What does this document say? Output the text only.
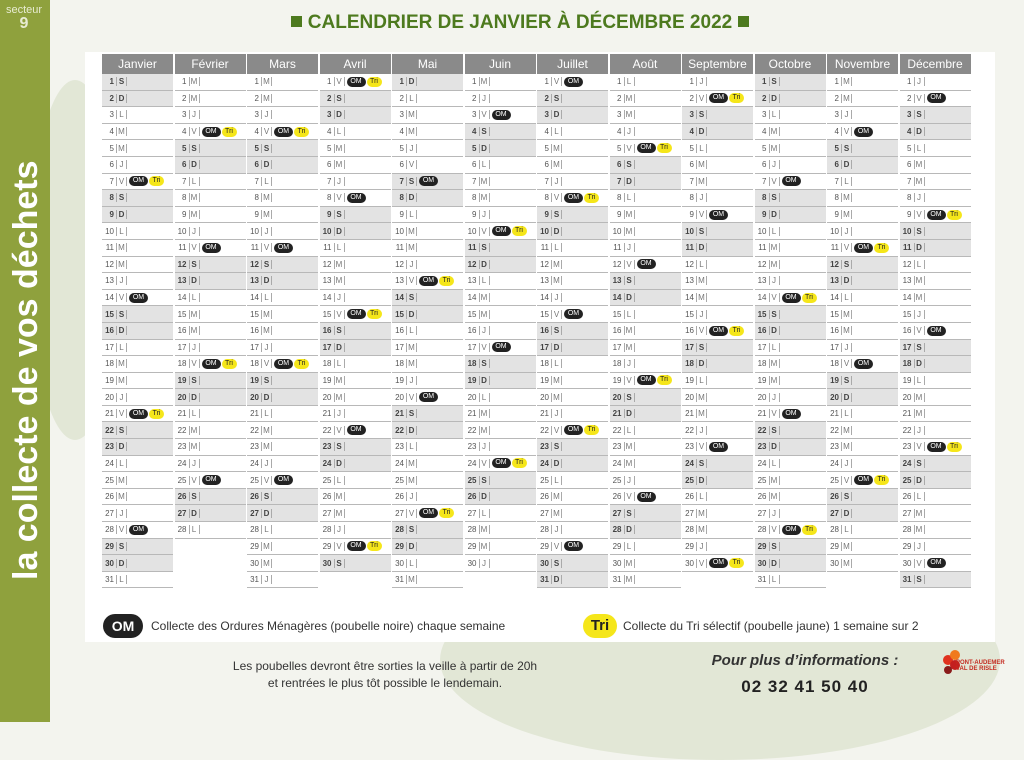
secteur
9
la collecte de vos déchets
CALENDRIER DE JANVIER À DÉCEMBRE 2022
Janvier
1 S
2 D
3 L
4 M
5 M
6 J
7 V	OM	Tri
8 S
9 D
10 L
11 M
12 M
13 J
14 V	OM
15 S
16 D
17 L
18 M
19 M
20 J
21 V	OM	Tri
22 S
23 D
24 L
25 M
26 M
27 J
28 V	OM
29 S
30 D
31 L
Février
1 M
2 M
3 J
4 V	OM	Tri
5 S
6 D
7 L
8 M
9 M
10 J
11 V	OM
12 S
13 D
14 L
15 M
16 M
17 J
18 V	OM	Tri
19 S
20 D
21 L
22 M
23 M
24 J
25 V	OM
26 S
27 D
28 L
Mars
1 M
2 M
3 J
4 V	OM	Tri
5 S
6 D
7 L
8 M
9 M
10 J
11 V	OM
12 S
13 D
14 L
15 M
16 M
17 J
18 V	OM	Tri
19 S
20 D
21 L
22 M
23 M
24 J
25 V	OM
26 S
27 D
28 L
29 M
30 M
31 J
Avril
1 V	OM	Tri
2 S
3 D
4 L
5 M
6 M
7 J
8 V	OM
9 S
10 D
11 L
12 M
13 M
14 J
15 V	OM	Tri
16 S
17 D
18 L
19 M
20 M
21 J
22 V	OM
23 S
24 D
25 L
26 M
27 M
28 J
29 V	OM	Tri
30 S
Mai
1 D
2 L
3 M
4 M
5 J
6 V
7 S	OM
8 D
9 L
10 M
11 M
12 J
13 V	OM	Tri
14 S
15 D
16 L
17 M
18 M
19 J
20 V	OM
21 S
22 D
23 L
24 M
25 M
26 J
27 V	OM	Tri
28 S
29 D
30 L
31 M
Juin
1 M
2 J
3 V	OM
4 S
5 D
6 L
7 M
8 M
9 J
10 V	OM	Tri
11 S
12 D
13 L
14 M
15 M
16 J
17 V	OM
18 S
19 D
20 L
21 M
22 M
23 J
24 V	OM	Tri
25 S
26 D
27 L
28 M
29 M
30 J
Juillet
1 V	OM
2 S
3 D
4 L
5 M
6 M
7 J
8 V	OM	Tri
9 S
10 D
11 L
12 M
13 M
14 J
15 V	OM
16 S
17 D
18 L
19 M
20 M
21 J
22 V	OM	Tri
23 S
24 D
25 L
26 M
27 M
28 J
29 V	OM
30 S
31 D
Août
1 L
2 M
3 M
4 J
5 V	OM	Tri
6 S
7 D
8 L
9 M
10 M
11 J
12 V	OM
13 S
14 D
15 L
16 M
17 M
18 J
19 V	OM	Tri
20 S
21 D
22 L
23 M
24 M
25 J
26 V	OM
27 S
28 D
29 L
30 M
31 M
Septembre
1 J
2 V	OM	Tri
3 S
4 D
5 L
6 M
7 M
8 J
9 V	OM
10 S
11 D
12 L
13 M
14 M
15 J
16 V	OM	Tri
17 S
18 D
19 L
20 M
21 M
22 J
23 V	OM
24 S
25 D
26 L
27 M
28 M
29 J
30 V	OM	Tri
Octobre
1 S
2 D
3 L
4 M
5 M
6 J
7 V	OM
8 S
9 D
10 L
11 M
12 M
13 J
14 V	OM	Tri
15 S
16 D
17 L
18 M
19 M
20 J
21 V	OM
22 S
23 D
24 L
25 M
26 M
27 J
28 V	OM	Tri
29 S
30 D
31 L
Novembre
1 M
2 M
3 J
4 V	OM
5 S
6 D
7 L
8 M
9 M
10 J
11 V	OM	Tri
12 S
13 D
14 L
15 M
16 M
17 J
18 V	OM
19 S
20 D
21 L
22 M
23 M
24 J
25 V	OM	Tri
26 S
27 D
28 L
29 M
30 M
Décembre
1 J
2 V	OM
3 S
4 D
5 L
6 M
7 M
8 J
9 V	OM	Tri
10 S
11 D
12 L
13 M
14 M
15 J
16 V	OM
17 S
18 D
19 L
20 M
21 M
22 J
23 V	OM	Tri
24 S
25 D
26 L
27 M
28 M
29 J
30 V	OM
31 S
OM	Collecte des Ordures Ménagères (poubelle noire) chaque semaine	Tri	Collecte du Tri sélectif (poubelle jaune) 1 semaine sur 2
Les poubelles devront être sorties la veille à partir de 20h
et rentrées le plus tôt possible le lendemain.
Pour plus d’informations :
02 32 41 50 40
PONT-AUDEMER
VAL DE RISLE
